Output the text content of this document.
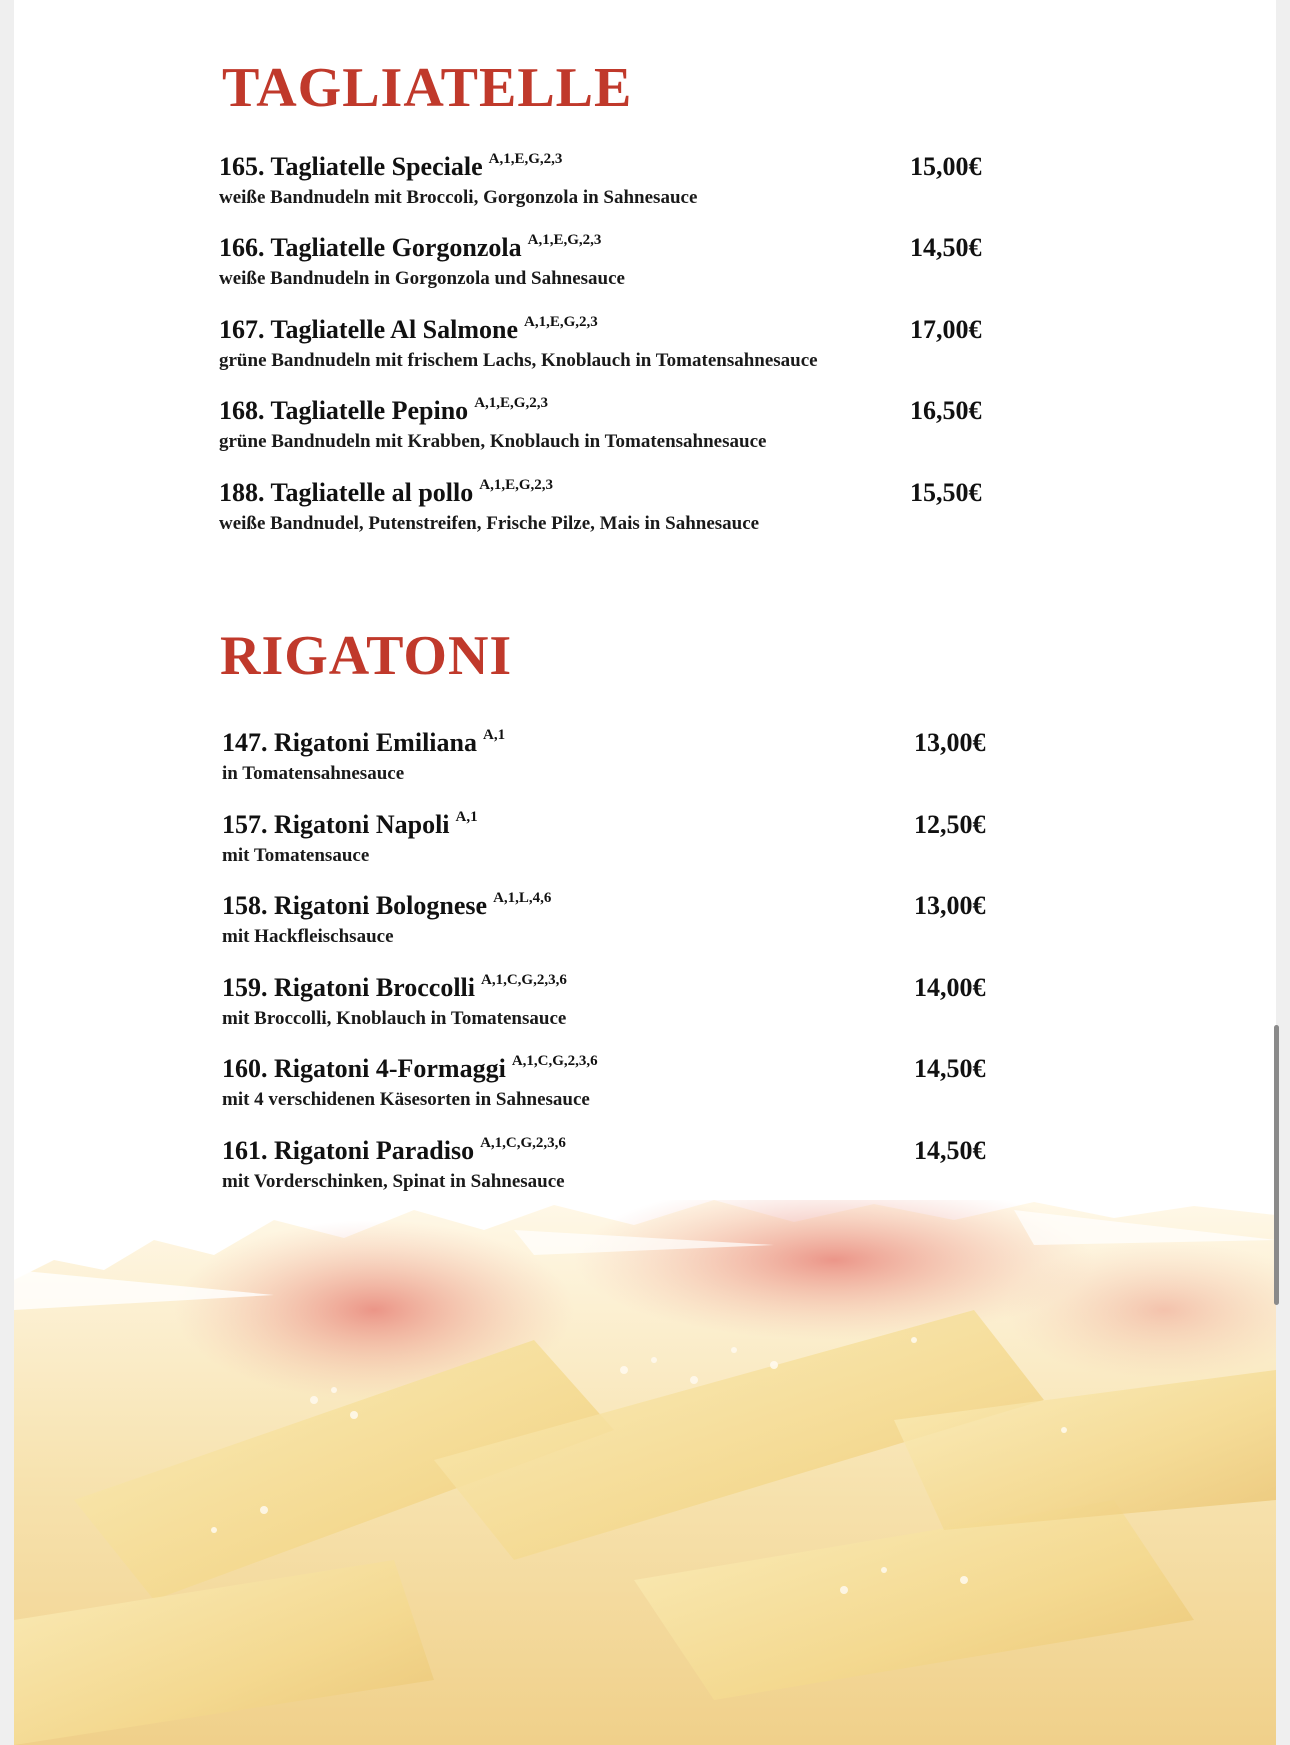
TAGLIATELLE
165. Tagliatelle Speciale $^{A,1,E,G,2,3}$
weiße Bandnudeln mit Broccoli, Gorgonzola in Sahnesauce
15,00€
166. Tagliatelle Gorgonzola $^{A,1,E,G,2,3}$
weiße Bandnudeln in Gorgonzola und Sahnesauce
14,50€
167. Tagliatelle Al Salmone $^{A,1,E,G,2,3}$
grüne Bandnudeln mit frischem Lachs, Knoblauch in Tomatensahnesauce
17,00€
168. Tagliatelle Pepino $^{A,1,E,G,2,3}$
grüne Bandnudeln mit Krabben, Knoblauch in Tomatensahnesauce
16,50€
188. Tagliatelle al pollo $^{A,1,E,G,2,3}$
weiße Bandnudel, Putenstreifen, Frische Pilze, Mais in Sahnesauce
15,50€
RIGATONI
147. Rigatoni Emiliana $^{A,1}$
in Tomatensahnesauce
13,00€
157. Rigatoni Napoli $^{A,1}$
mit Tomatensauce
12,50€
158. Rigatoni Bolognese $^{A,1,L,4,6}$
mit Hackfleischsauce
13,00€
159. Rigatoni Broccolli $^{A,1,C,G,2,3,6}$
mit Broccolli, Knoblauch in Tomatensauce
14,00€
160. Rigatoni 4-Formaggi $^{A,1,C,G,2,3,6}$
mit 4 verschidenen Käsesorten in Sahnesauce
14,50€
161. Rigatoni Paradiso $^{A,1,C,G,2,3,6}$
mit Vorderschinken, Spinat in Sahnesauce
14,50€
